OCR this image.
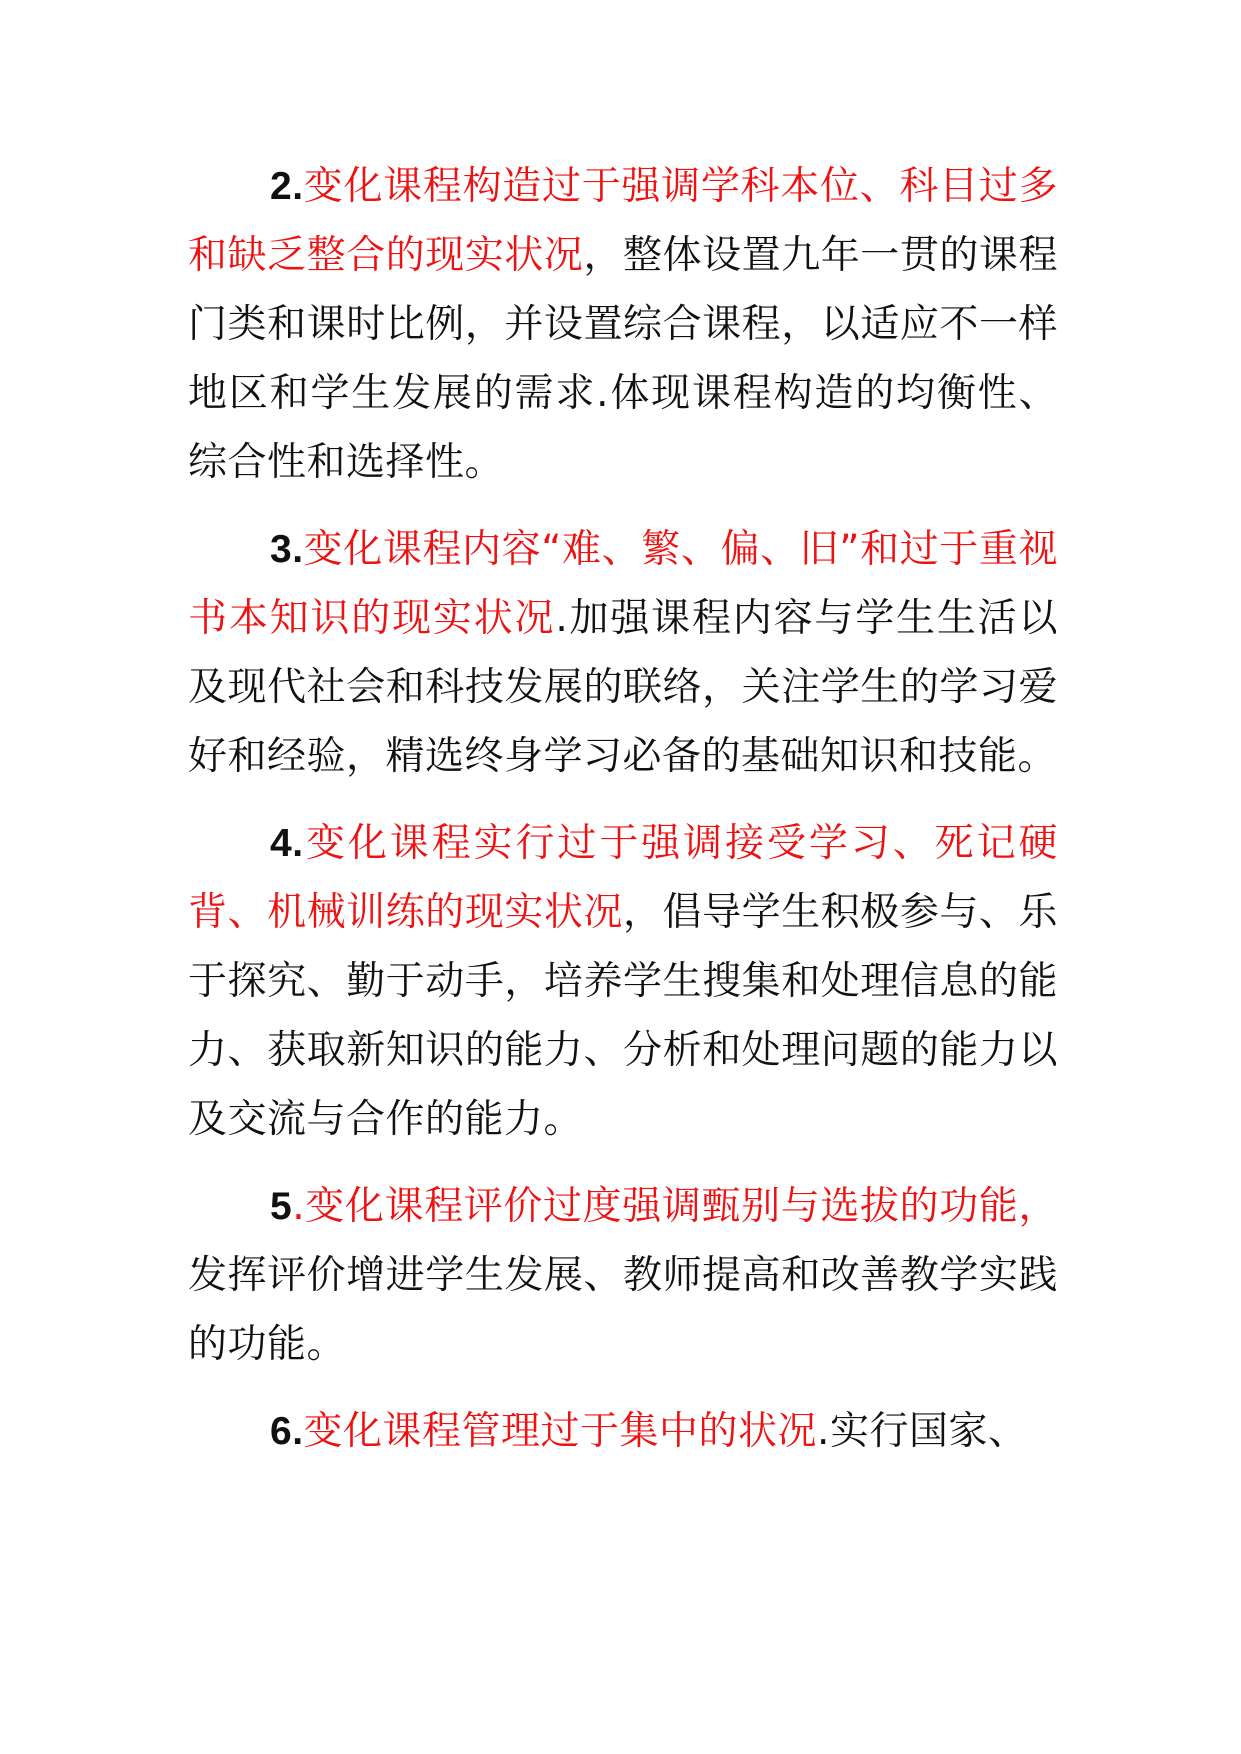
2.变化课程构造过于强调学科本位、科目过多和缺乏整合的现实状况，整体设置九年一贯的课程门类和课时比例，并设置综合课程，以适应不一样地区和学生发展的需求.体现课程构造的均衡性、综合性和选择性。

3.变化课程内容“难、繁、偏、旧”和过于重视书本知识的现实状况.加强课程内容与学生生活以及现代社会和科技发展的联络，关注学生的学习爱好和经验，精选终身学习必备的基础知识和技能。

4.变化课程实行过于强调接受学习、死记硬背、机械训练的现实状况，倡导学生积极参与、乐于探究、勤于动手，培养学生搜集和处理信息的能力、获取新知识的能力、分析和处理问题的能力以及交流与合作的能力。

5.变化课程评价过度强调甄别与选拔的功能，发挥评价增进学生发展、教师提高和改善教学实践的功能。

6.变化课程管理过于集中的状况.实行国家、
